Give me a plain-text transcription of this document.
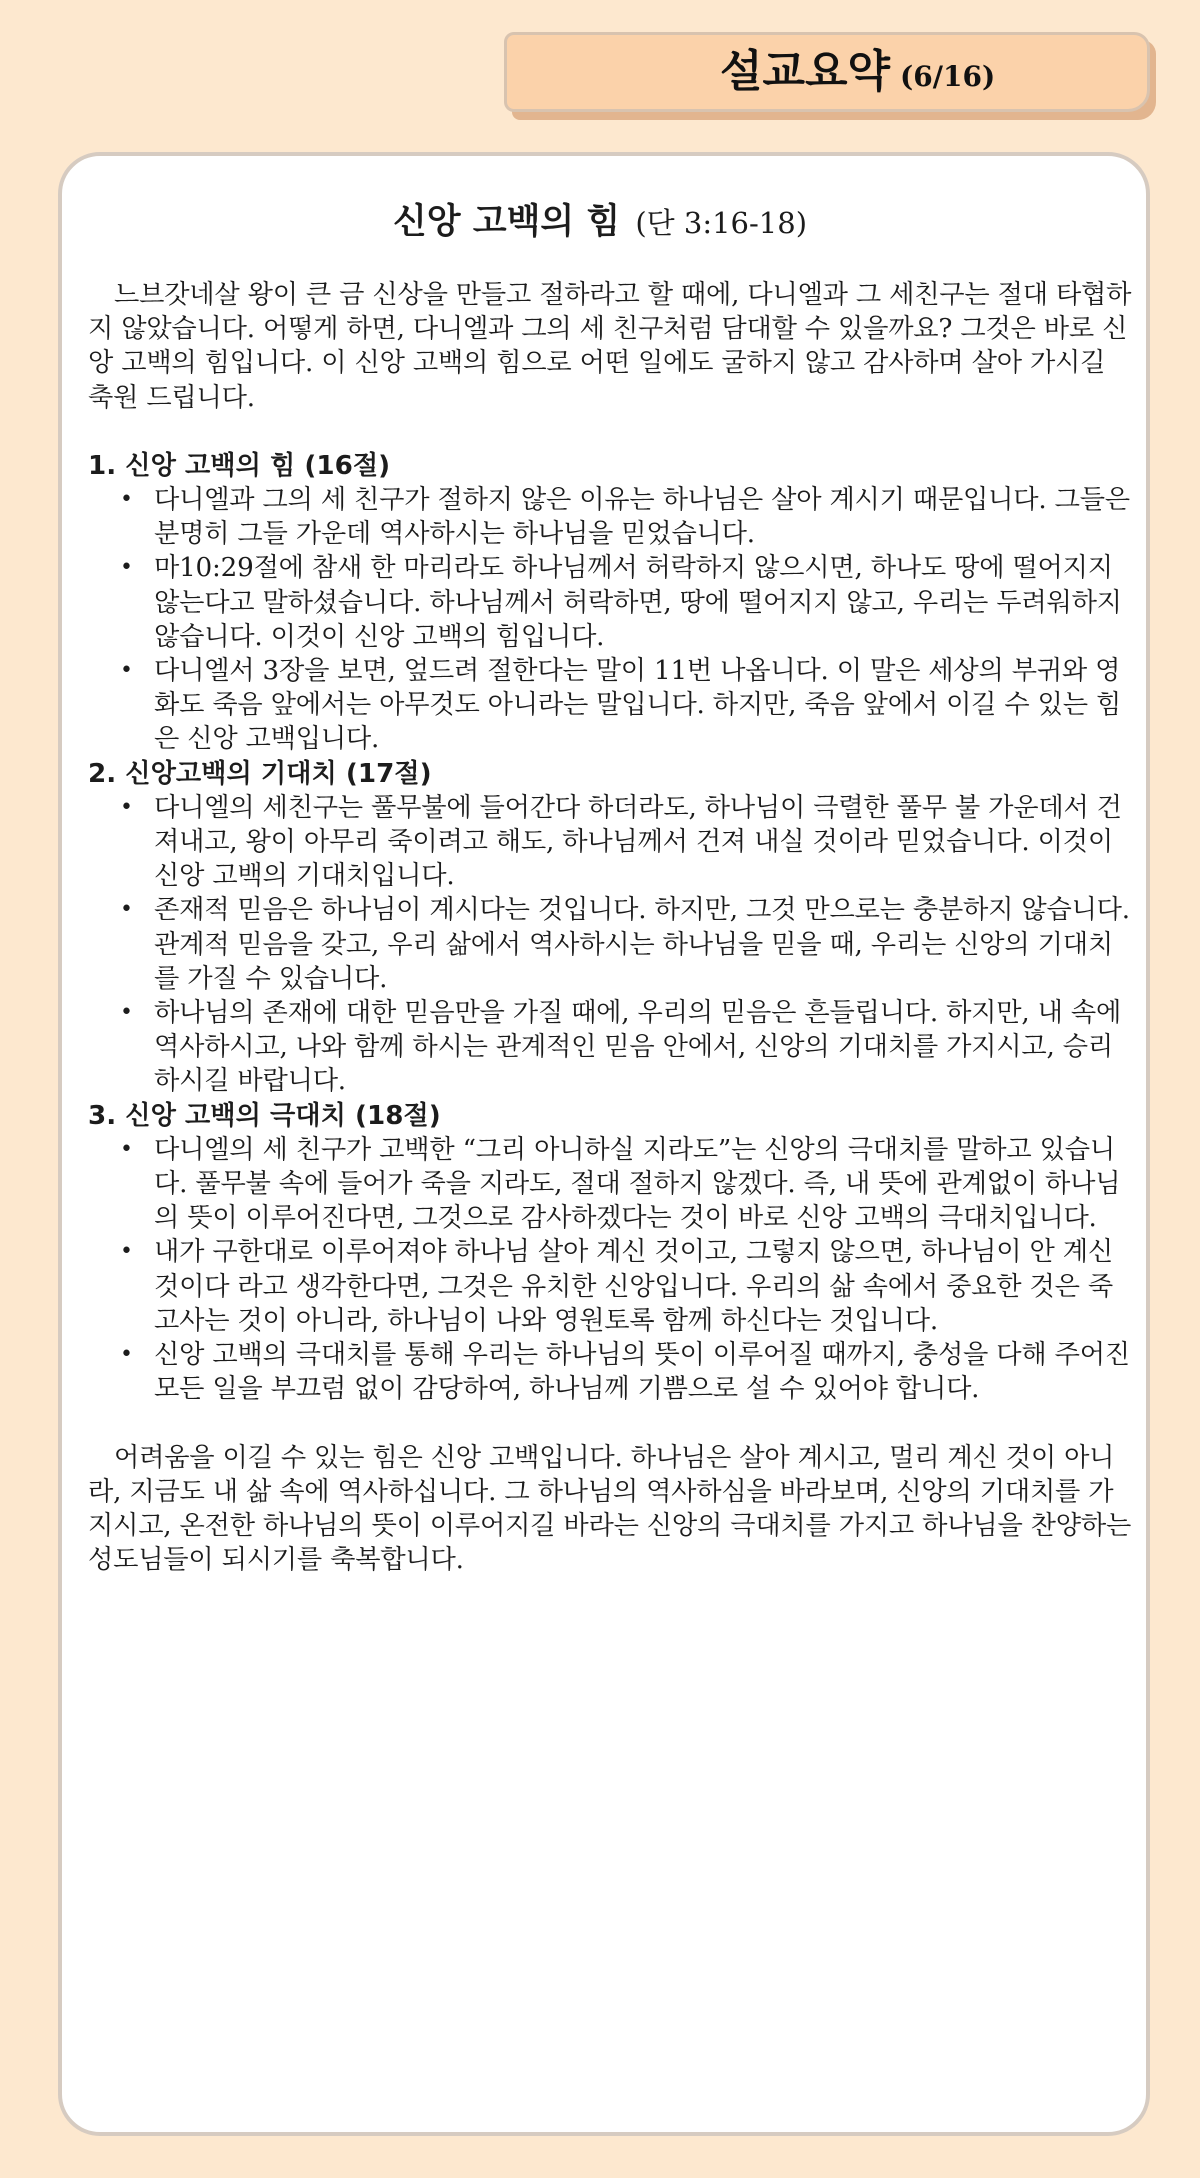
설교요약 (6/16)
신앙 고백의 힘 (단 3:16-18)

느브갓네살 왕이 큰 금 신상을 만들고 절하라고 할 때에, 다니엘과 그 세친구는 절대 타협하지 않았습니다. 어떻게 하면, 다니엘과 그의 세 친구처럼 담대할 수 있을까요? 그것은 바로 신앙 고백의 힘입니다. 이 신앙 고백의 힘으로 어떤 일에도 굴하지 않고 감사하며 살아 가시길 축원 드립니다.

1. 신앙 고백의 힘 (16절)

• 다니엘과 그의 세 친구가 절하지 않은 이유는 하나님은 살아 계시기 때문입니다. 그들은 분명히 그들 가운데 역사하시는 하나님을 믿었습니다.
• 마10:29절에 참새 한 마리라도 하나님께서 허락하지 않으시면, 하나도 땅에 떨어지지 않는다고 말하셨습니다. 하나님께서 허락하면, 땅에 떨어지지 않고, 우리는 두려워하지 않습니다. 이것이 신앙 고백의 힘입니다.
• 다니엘서 3장을 보면, 엎드려 절한다는 말이 11번 나옵니다. 이 말은 세상의 부귀와 영화도 죽음 앞에서는 아무것도 아니라는 말입니다. 하지만, 죽음 앞에서 이길 수 있는 힘은 신앙 고백입니다.

2. 신앙고백의 기대치 (17절)

• 다니엘의 세친구는 풀무불에 들어간다 하더라도, 하나님이 극렬한 풀무 불 가운데서 건져내고, 왕이 아무리 죽이려고 해도, 하나님께서 건져 내실 것이라 믿었습니다. 이것이 신앙 고백의 기대치입니다.
• 존재적 믿음은 하나님이 계시다는 것입니다. 하지만, 그것 만으로는 충분하지 않습니다. 관계적 믿음을 갖고, 우리 삶에서 역사하시는 하나님을 믿을 때, 우리는 신앙의 기대치를 가질 수 있습니다.
• 하나님의 존재에 대한 믿음만을 가질 때에, 우리의 믿음은 흔들립니다. 하지만, 내 속에 역사하시고, 나와 함께 하시는 관계적인 믿음 안에서, 신앙의 기대치를 가지시고, 승리하시길 바랍니다.

3. 신앙 고백의 극대치 (18절)

• 다니엘의 세 친구가 고백한 “그리 아니하실 지라도”는 신앙의 극대치를 말하고 있습니다. 풀무불 속에 들어가 죽을 지라도, 절대 절하지 않겠다. 즉, 내 뜻에 관계없이 하나님의 뜻이 이루어진다면, 그것으로 감사하겠다는 것이 바로 신앙 고백의 극대치입니다.
• 내가 구한대로 이루어져야 하나님 살아 계신 것이고, 그렇지 않으면, 하나님이 안 계신 것이다 라고 생각한다면, 그것은 유치한 신앙입니다. 우리의 삶 속에서 중요한 것은 죽고사는 것이 아니라, 하나님이 나와 영원토록 함께 하신다는 것입니다.
• 신앙 고백의 극대치를 통해 우리는 하나님의 뜻이 이루어질 때까지, 충성을 다해 주어진 모든 일을 부끄럼 없이 감당하여, 하나님께 기쁨으로 설 수 있어야 합니다.

어려움을 이길 수 있는 힘은 신앙 고백입니다. 하나님은 살아 계시고, 멀리 계신 것이 아니라, 지금도 내 삶 속에 역사하십니다. 그 하나님의 역사하심을 바라보며, 신앙의 기대치를 가지시고, 온전한 하나님의 뜻이 이루어지길 바라는 신앙의 극대치를 가지고 하나님을 찬양하는 성도님들이 되시기를 축복합니다.
